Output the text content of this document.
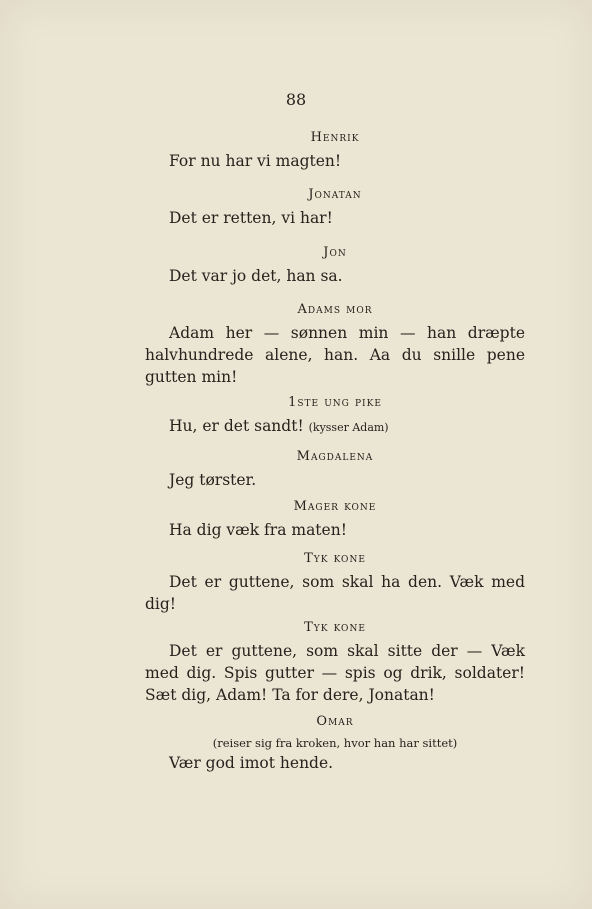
88
Henrik
For nu har vi magten!
Jonatan
Det er retten, vi har!
Jon
Det var jo det, han sa.
Adams mor
Adam her — sønnen min — han dræpte halvhundrede alene, han. Aa du snille pene gutten min!
1ste ung pike
Hu, er det sandt! (kysser Adam)
Magdalena
Jeg tørster.
Mager kone
Ha dig væk fra maten!
Tyk kone
Det er guttene, som skal ha den. Væk med dig!
Tyk kone
Det er guttene, som skal sitte der — Væk med dig. Spis gutter — spis og drik, soldater! Sæt dig, Adam! Ta for dere, Jonatan!
Omar
(reiser sig fra kroken, hvor han har sittet)
Vær god imot hende.
